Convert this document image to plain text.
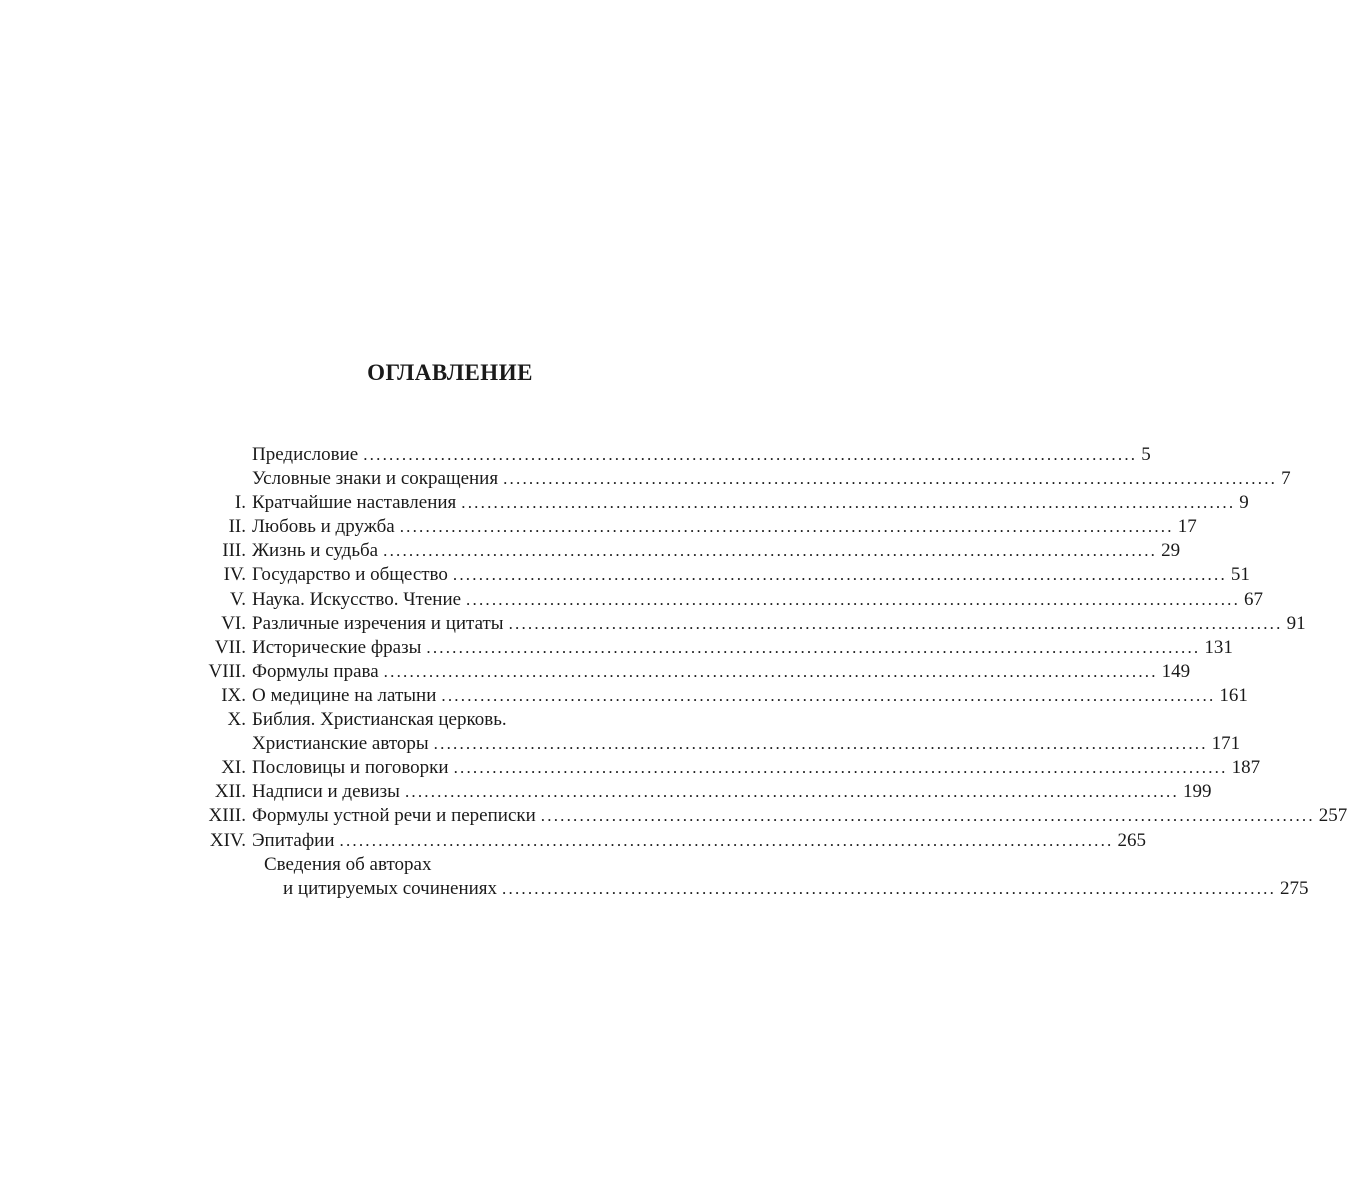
ОГЛАВЛЕНИЕ
Предисловие ........................................................................................................................ 5
Условные знаки и сокращения ........................................................................................................................ 7
I. Кратчайшие наставления ........................................................................................................................ 9
II. Любовь и дружба ........................................................................................................................ 17
III. Жизнь и судьба ........................................................................................................................ 29
IV. Государство и общество ........................................................................................................................ 51
V. Наука. Искусство. Чтение ........................................................................................................................ 67
VI. Различные изречения и цитаты ........................................................................................................................ 91
VII. Исторические фразы ........................................................................................................................ 131
VIII. Формулы права ........................................................................................................................ 149
IX. О медицине на латыни ........................................................................................................................ 161
X. Библия. Христианская церковь.
Христианские авторы ........................................................................................................................ 171
XI. Пословицы и поговорки ........................................................................................................................ 187
XII. Надписи и девизы ........................................................................................................................ 199
XIII. Формулы устной речи и переписки ........................................................................................................................ 257
XIV. Эпитафии ........................................................................................................................ 265
Сведения об авторах
и цитируемых сочинениях ........................................................................................................................ 275
